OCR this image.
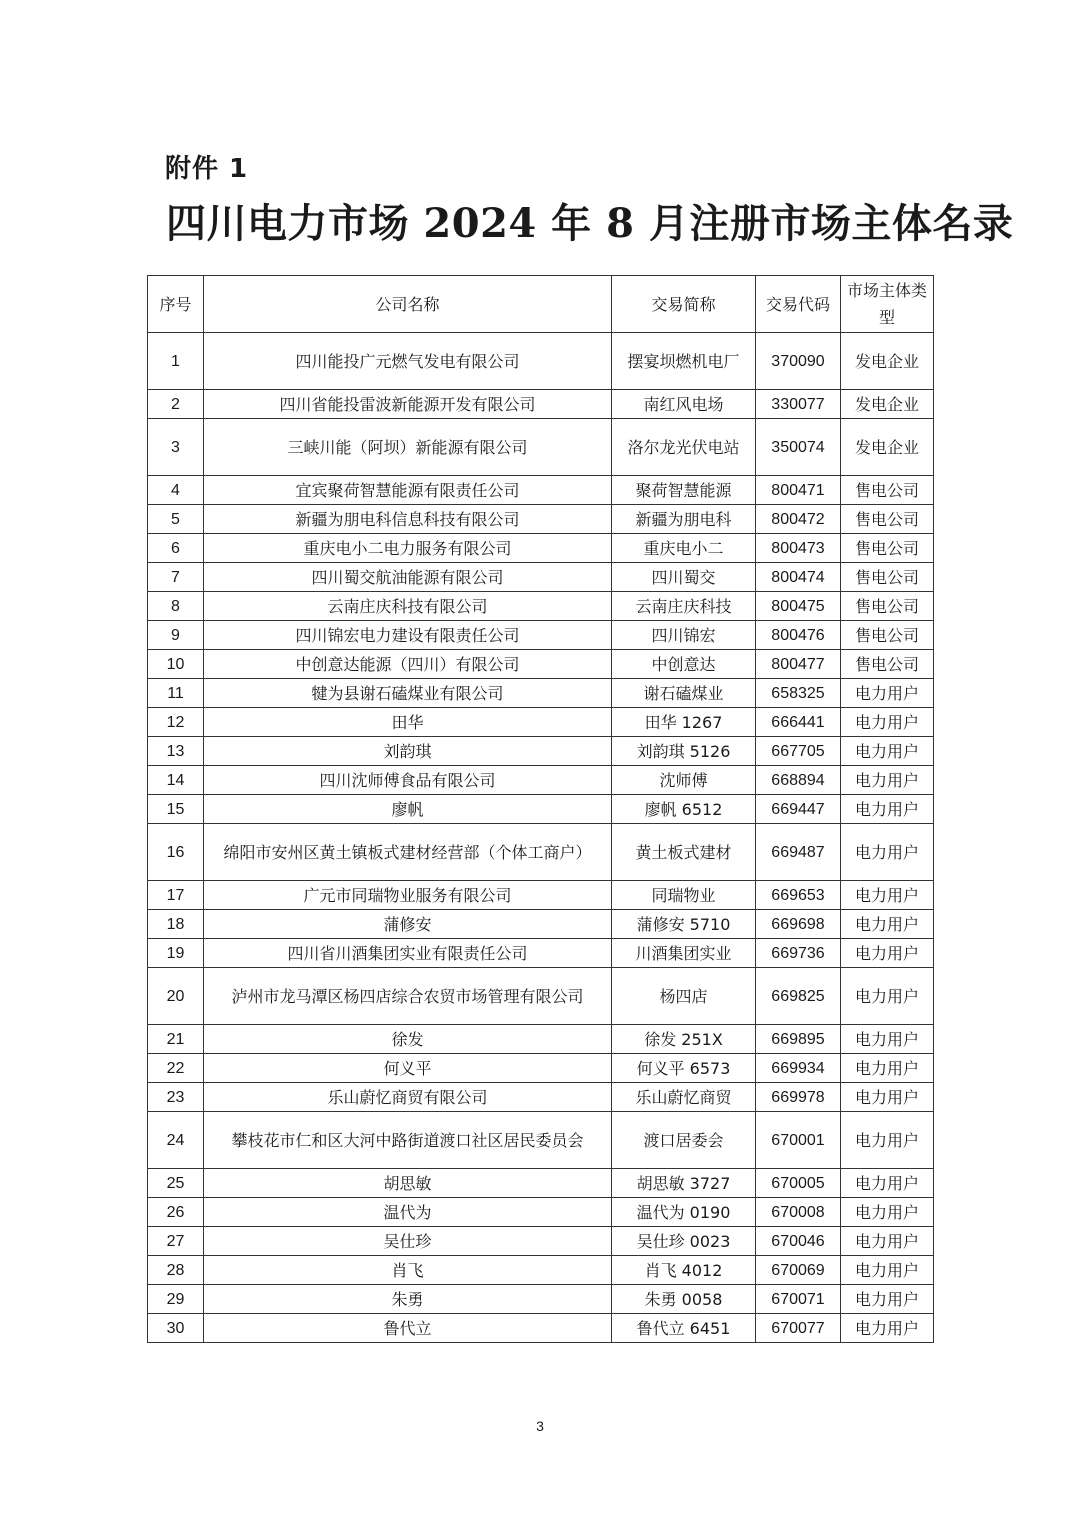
附件 1
四川电力市场 2024 年 8 月注册市场主体名录
序号	公司名称	交易简称	交易代码	市场主体类型
1	四川能投广元燃气发电有限公司	摆宴坝燃机电厂	370090	发电企业
2	四川省能投雷波新能源开发有限公司	南红风电场	330077	发电企业
3	三峡川能（阿坝）新能源有限公司	洛尔龙光伏电站	350074	发电企业
4	宜宾聚荷智慧能源有限责任公司	聚荷智慧能源	800471	售电公司
5	新疆为朋电科信息科技有限公司	新疆为朋电科	800472	售电公司
6	重庆电小二电力服务有限公司	重庆电小二	800473	售电公司
7	四川蜀交航油能源有限公司	四川蜀交	800474	售电公司
8	云南庄庆科技有限公司	云南庄庆科技	800475	售电公司
9	四川锦宏电力建设有限责任公司	四川锦宏	800476	售电公司
10	中创意达能源（四川）有限公司	中创意达	800477	售电公司
11	犍为县谢石磕煤业有限公司	谢石磕煤业	658325	电力用户
12	田华	田华 1267	666441	电力用户
13	刘韵琪	刘韵琪 5126	667705	电力用户
14	四川沈师傅食品有限公司	沈师傅	668894	电力用户
15	廖帆	廖帆 6512	669447	电力用户
16	绵阳市安州区黄土镇板式建材经营部（个体工商户）	黄土板式建材	669487	电力用户
17	广元市同瑞物业服务有限公司	同瑞物业	669653	电力用户
18	蒲修安	蒲修安 5710	669698	电力用户
19	四川省川酒集团实业有限责任公司	川酒集团实业	669736	电力用户
20	泸州市龙马潭区杨四店综合农贸市场管理有限公司	杨四店	669825	电力用户
21	徐发	徐发 251X	669895	电力用户
22	何义平	何义平 6573	669934	电力用户
23	乐山蔚忆商贸有限公司	乐山蔚忆商贸	669978	电力用户
24	攀枝花市仁和区大河中路街道渡口社区居民委员会	渡口居委会	670001	电力用户
25	胡思敏	胡思敏 3727	670005	电力用户
26	温代为	温代为 0190	670008	电力用户
27	吴仕珍	吴仕珍 0023	670046	电力用户
28	肖飞	肖飞 4012	670069	电力用户
29	朱勇	朱勇 0058	670071	电力用户
30	鲁代立	鲁代立 6451	670077	电力用户
3
